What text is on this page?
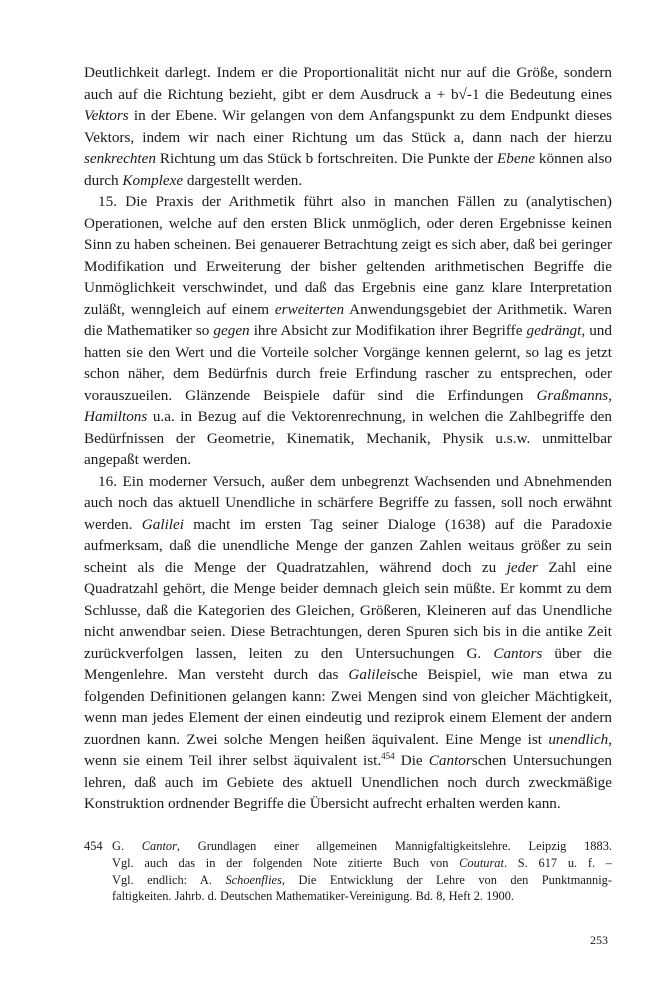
Deutlichkeit darlegt. Indem er die Proportionalität nicht nur auf die Größe, sondern auch auf die Richtung bezieht, gibt er dem Ausdruck a + b√-1 die Bedeutung eines Vektors in der Ebene. Wir gelangen von dem Anfangspunkt zu dem Endpunkt dieses Vektors, indem wir nach einer Richtung um das Stück a, dann nach der hierzu senkrechten Richtung um das Stück b fortschreiten. Die Punkte der Ebene können also durch Komplexe dargestellt werden.

15. Die Praxis der Arithmetik führt also in manchen Fällen zu (analytischen) Operationen, welche auf den ersten Blick unmöglich, oder deren Ergebnisse keinen Sinn zu haben scheinen. Bei genauerer Betrachtung zeigt es sich aber, daß bei geringer Modifikation und Erweiterung der bisher geltenden arithmetischen Begriffe die Unmöglichkeit verschwindet, und daß das Ergebnis eine ganz klare Interpretation zuläßt, wenngleich auf einem erweiterten Anwendungsgebiet der Arithmetik. Waren die Mathematiker so gegen ihre Absicht zur Modifikation ihrer Begriffe gedrängt, und hatten sie den Wert und die Vorteile solcher Vorgänge kennen gelernt, so lag es jetzt schon näher, dem Bedürfnis durch freie Erfindung rascher zu entsprechen, oder vorauszueilen. Glänzende Beispiele dafür sind die Erfindungen Graßmanns, Hamiltons u.a. in Bezug auf die Vektorenrechnung, in welchen die Zahlbegriffe den Bedürfnissen der Geometrie, Kinematik, Mechanik, Physik u.s.w. unmittelbar angepaßt werden.

16. Ein moderner Versuch, außer dem unbegrenzt Wachsenden und Abnehmenden auch noch das aktuell Unendliche in schärfere Begriffe zu fassen, soll noch erwähnt werden. Galilei macht im ersten Tag seiner Dialoge (1638) auf die Paradoxie aufmerksam, daß die unendliche Menge der ganzen Zahlen weitaus größer zu sein scheint als die Menge der Quadratzahlen, während doch zu jeder Zahl eine Quadratzahl gehört, die Menge beider demnach gleich sein müßte. Er kommt zu dem Schlusse, daß die Kategorien des Gleichen, Größeren, Kleineren auf das Unendliche nicht anwendbar seien. Diese Betrachtungen, deren Spuren sich bis in die antike Zeit zurückverfolgen lassen, leiten zu den Untersuchungen G. Cantors über die Mengenlehre. Man versteht durch das Galileische Beispiel, wie man etwa zu folgenden Definitionen gelangen kann: Zwei Mengen sind von gleicher Mächtigkeit, wenn man jedes Element der einen eindeutig und reziprok einem Element der andern zuordnen kann. Zwei solche Mengen heißen äquivalent. Eine Menge ist unendlich, wenn sie einem Teil ihrer selbst äquivalent ist.$^{454}$ Die Cantorschen Untersuchungen lehren, daß auch im Gebiete des aktuell Unendlichen noch durch zweckmäßige Konstruktion ordnender Begriffe die Übersicht aufrecht erhalten werden kann.

454 G. Cantor, Grundlagen einer allgemeinen Mannigfaltigkeitslehre. Leipzig 1883.
Vgl. auch das in der folgenden Note zitierte Buch von Couturat. S. 617 u. f. –
Vgl. endlich: A. Schoenflies, Die Entwicklung der Lehre von den Punktmannig-
faltigkeiten. Jahrb. d. Deutschen Mathematiker-Vereinigung. Bd. 8, Heft 2. 1900.
253
